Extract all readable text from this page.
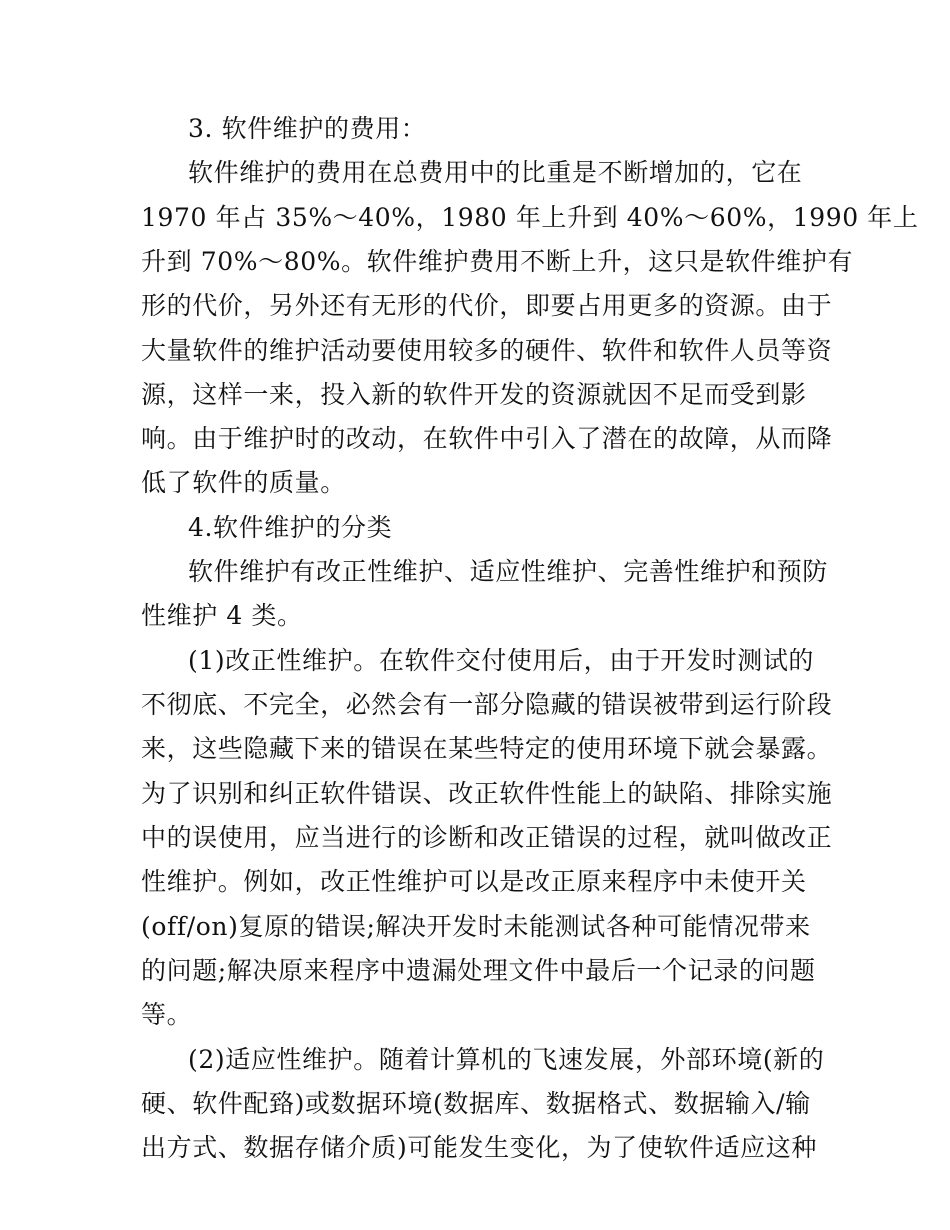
3. 软件维护的费用：
软件维护的费用在总费用中的比重是不断增加的，它在
1970 年占 35%～40%，1980 年上升到 40%～60%，1990 年上
升到 70%～80%。软件维护费用不断上升，这只是软件维护有
形的代价，另外还有无形的代价，即要占用更多的资源。由于
大量软件的维护活动要使用较多的硬件、软件和软件人员等资
源，这样一来，投入新的软件开发的资源就因不足而受到影
响。由于维护时的改动，在软件中引入了潜在的故障，从而降
低了软件的质量。
4.软件维护的分类
软件维护有改正性维护、适应性维护、完善性维护和预防
性维护 4 类。
(1)改正性维护。在软件交付使用后，由于开发时测试的
不彻底、不完全，必然会有一部分隐藏的错误被带到运行阶段
来，这些隐藏下来的错误在某些特定的使用环境下就会暴露。
为了识别和纠正软件错误、改正软件性能上的缺陷、排除实施
中的误使用，应当进行的诊断和改正错误的过程，就叫做改正
性维护。例如，改正性维护可以是改正原来程序中未使开关
(off/on)复原的错误;解决开发时未能测试各种可能情况带来
的问题;解决原来程序中遗漏处理文件中最后一个记录的问题
等。
(2)适应性维护。随着计算机的飞速发展，外部环境(新的
硬、软件配臵)或数据环境(数据库、数据格式、数据输入/输
出方式、数据存储介质)可能发生变化，为了使软件适应这种
